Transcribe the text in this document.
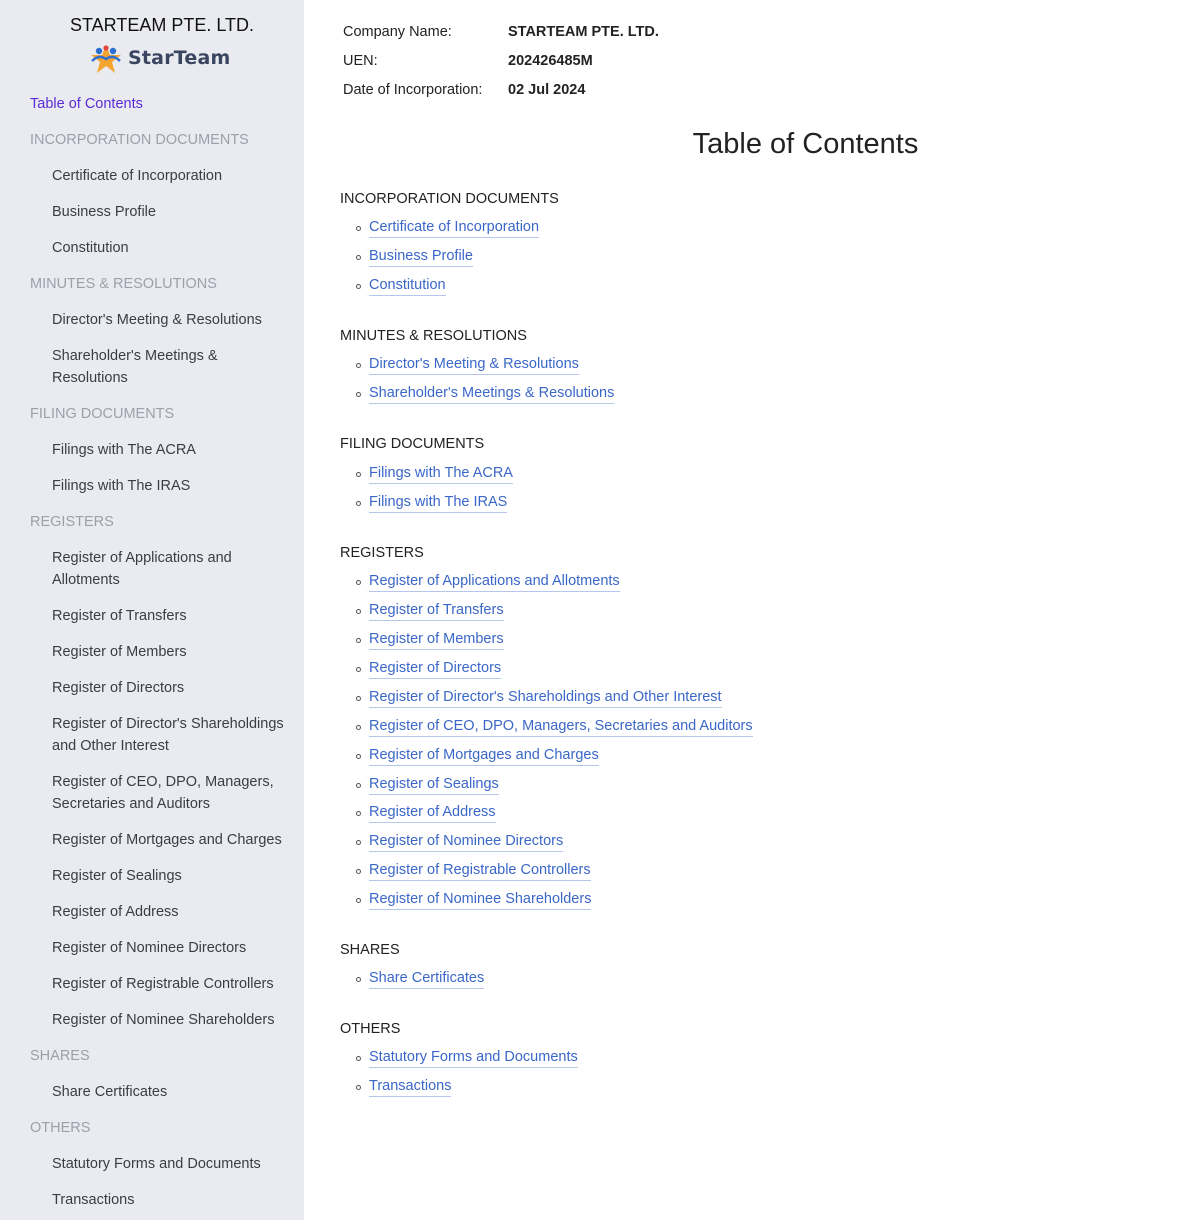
STARTEAM PTE. LTD.
StarTeam
Table of Contents
INCORPORATION DOCUMENTS
Certificate of Incorporation
Business Profile
Constitution
MINUTES & RESOLUTIONS
Director's Meeting & Resolutions
Shareholder's Meetings & Resolutions
FILING DOCUMENTS
Filings with The ACRA
Filings with The IRAS
REGISTERS
Register of Applications and Allotments
Register of Transfers
Register of Members
Register of Directors
Register of Director's Shareholdings and Other Interest
Register of CEO, DPO, Managers, Secretaries and Auditors
Register of Mortgages and Charges
Register of Sealings
Register of Address
Register of Nominee Directors
Register of Registrable Controllers
Register of Nominee Shareholders
SHARES
Share Certificates
OTHERS
Statutory Forms and Documents
Transactions
Company Name:	STARTEAM PTE. LTD.
UEN:	202426485M
Date of Incorporation: 02 Jul 2024
Table of Contents
INCORPORATION DOCUMENTS
Certificate of Incorporation
Business Profile
Constitution
MINUTES & RESOLUTIONS
Director's Meeting & Resolutions
Shareholder's Meetings & Resolutions
FILING DOCUMENTS
Filings with The ACRA
Filings with The IRAS
REGISTERS
Register of Applications and Allotments
Register of Transfers
Register of Members
Register of Directors
Register of Director's Shareholdings and Other Interest
Register of CEO, DPO, Managers, Secretaries and Auditors
Register of Mortgages and Charges
Register of Sealings
Register of Address
Register of Nominee Directors
Register of Registrable Controllers
Register of Nominee Shareholders
SHARES
Share Certificates
OTHERS
Statutory Forms and Documents
Transactions
